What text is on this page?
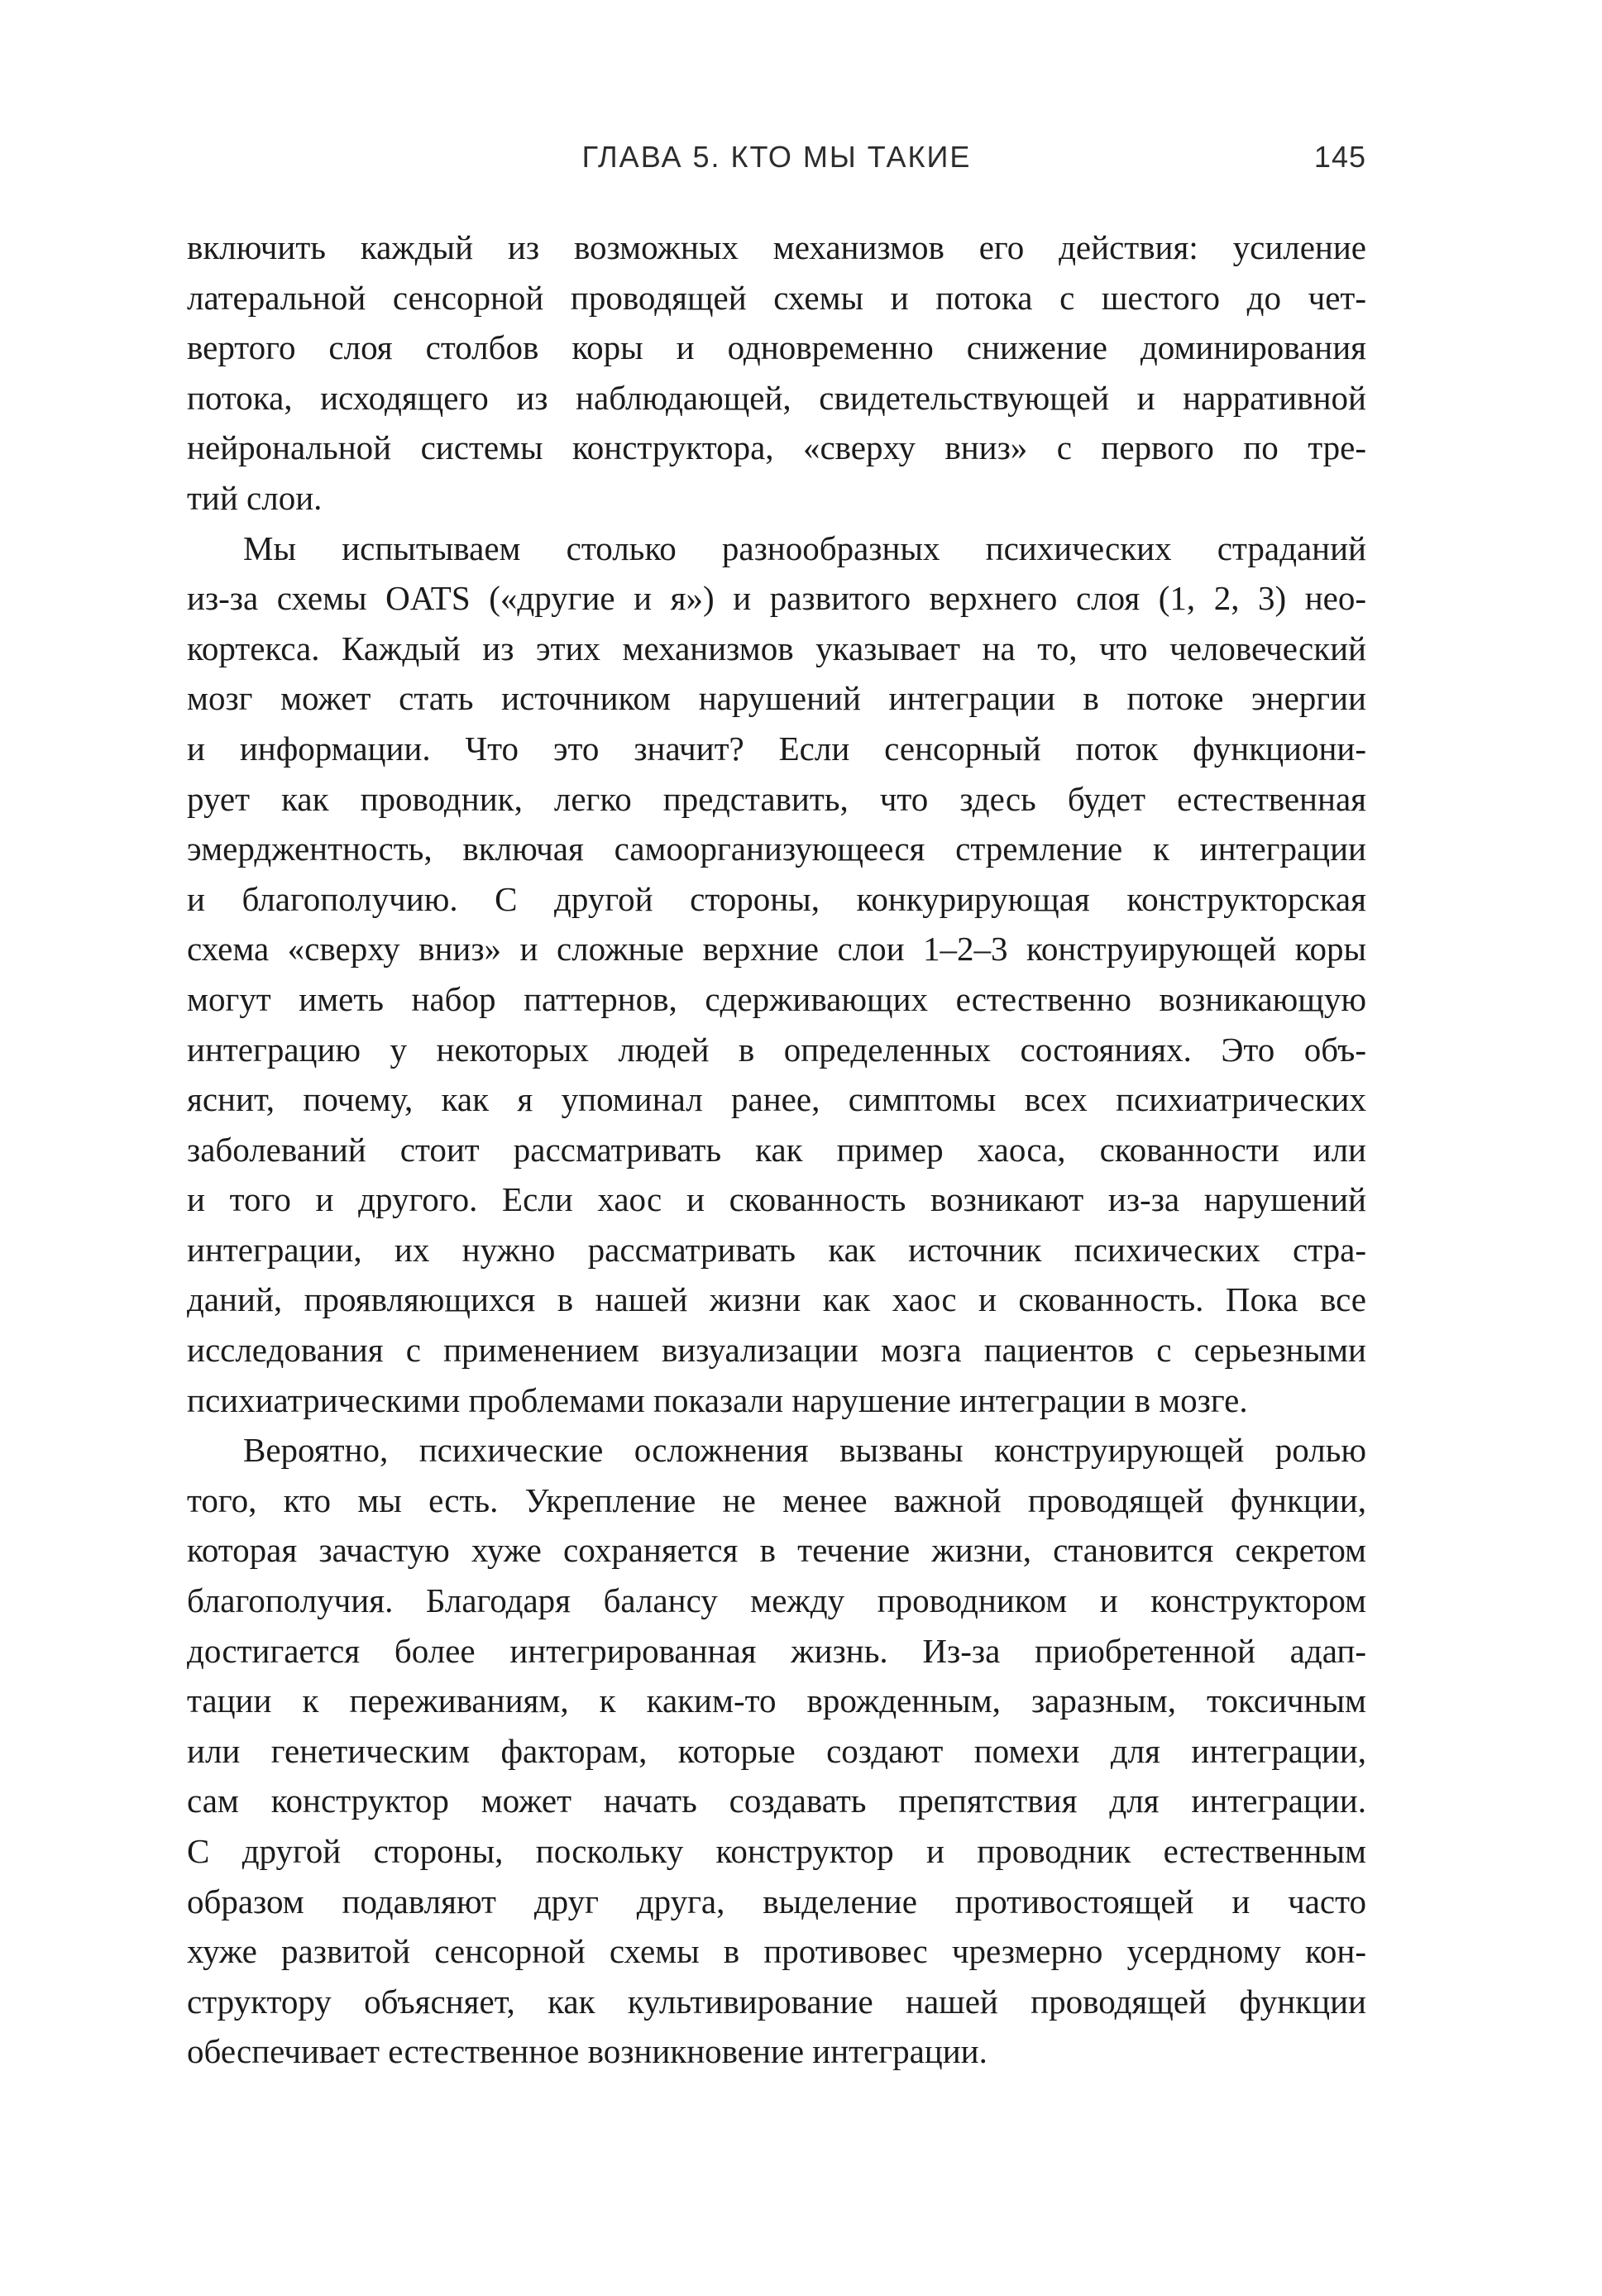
ГЛАВА 5. КТО МЫ ТАКИЕ	145
включить каждый из возможных механизмов его действия: усиление
латеральной сенсорной проводящей схемы и потока с шестого до чет-
вертого слоя столбов коры и одновременно снижение доминирования
потока, исходящего из наблюдающей, свидетельствующей и нарративной
нейрональной системы конструктора, «сверху вниз» с первого по тре-
тий слои.
Мы испытываем столько разнообразных психических страданий
из-за схемы OATS («другие и я») и развитого верхнего слоя (1, 2, 3) нео-
кортекса. Каждый из этих механизмов указывает на то, что человеческий
мозг может стать источником нарушений интеграции в потоке энергии
и информации. Что это значит? Если сенсорный поток функциони-
рует как проводник, легко представить, что здесь будет естественная
эмерджентность, включая самоорганизующееся стремление к интеграции
и благополучию. С другой стороны, конкурирующая конструкторская
схема «сверху вниз» и сложные верхние слои 1–2–3 конструирующей коры
могут иметь набор паттернов, сдерживающих естественно возникающую
интеграцию у некоторых людей в определенных состояниях. Это объ-
яснит, почему, как я упоминал ранее, симптомы всех психиатрических
заболеваний стоит рассматривать как пример хаоса, скованности или
и того и другого. Если хаос и скованность возникают из-за нарушений
интеграции, их нужно рассматривать как источник психических стра-
даний, проявляющихся в нашей жизни как хаос и скованность. Пока все
исследования с применением визуализации мозга пациентов с серьезными
психиатрическими проблемами показали нарушение интеграции в мозге.
Вероятно, психические осложнения вызваны конструирующей ролью
того, кто мы есть. Укрепление не менее важной проводящей функции,
которая зачастую хуже сохраняется в течение жизни, становится секретом
благополучия. Благодаря балансу между проводником и конструктором
достигается более интегрированная жизнь. Из-за приобретенной адап-
тации к переживаниям, к каким-то врожденным, заразным, токсичным
или генетическим факторам, которые создают помехи для интеграции,
сам конструктор может начать создавать препятствия для интеграции.
С другой стороны, поскольку конструктор и проводник естественным
образом подавляют друг друга, выделение противостоящей и часто
хуже развитой сенсорной схемы в противовес чрезмерно усердному кон-
структору объясняет, как культивирование нашей проводящей функции
обеспечивает естественное возникновение интеграции.
